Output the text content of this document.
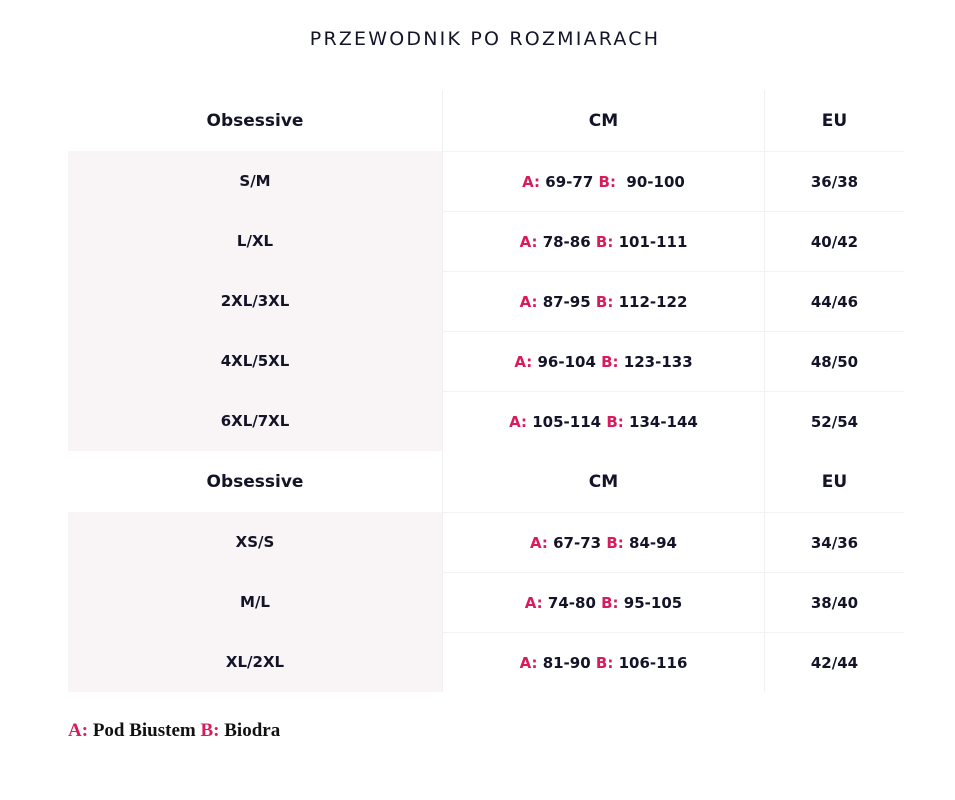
PRZEWODNIK PO ROZMIARACH
Obsessive	CM	EU
S/M	A:
69-77
B:
90-100	36/38
L/XL	A:
78-86
B:
101-111	40/42
2XL/3XL	A:
87-95
B:
112-122	44/46
4XL/5XL	A:
96-104
B:
123-133	48/50
6XL/7XL	A:
105-114
B:
134-144	52/54
Obsessive	CM	EU
XS/S	A:
67-73
B:
84-94	34/36
M/L	A:
74-80
B:
95-105	38/40
XL/2XL	A:
81-90
B:
106-116	42/44
A: Pod Biustem B: Biodra
